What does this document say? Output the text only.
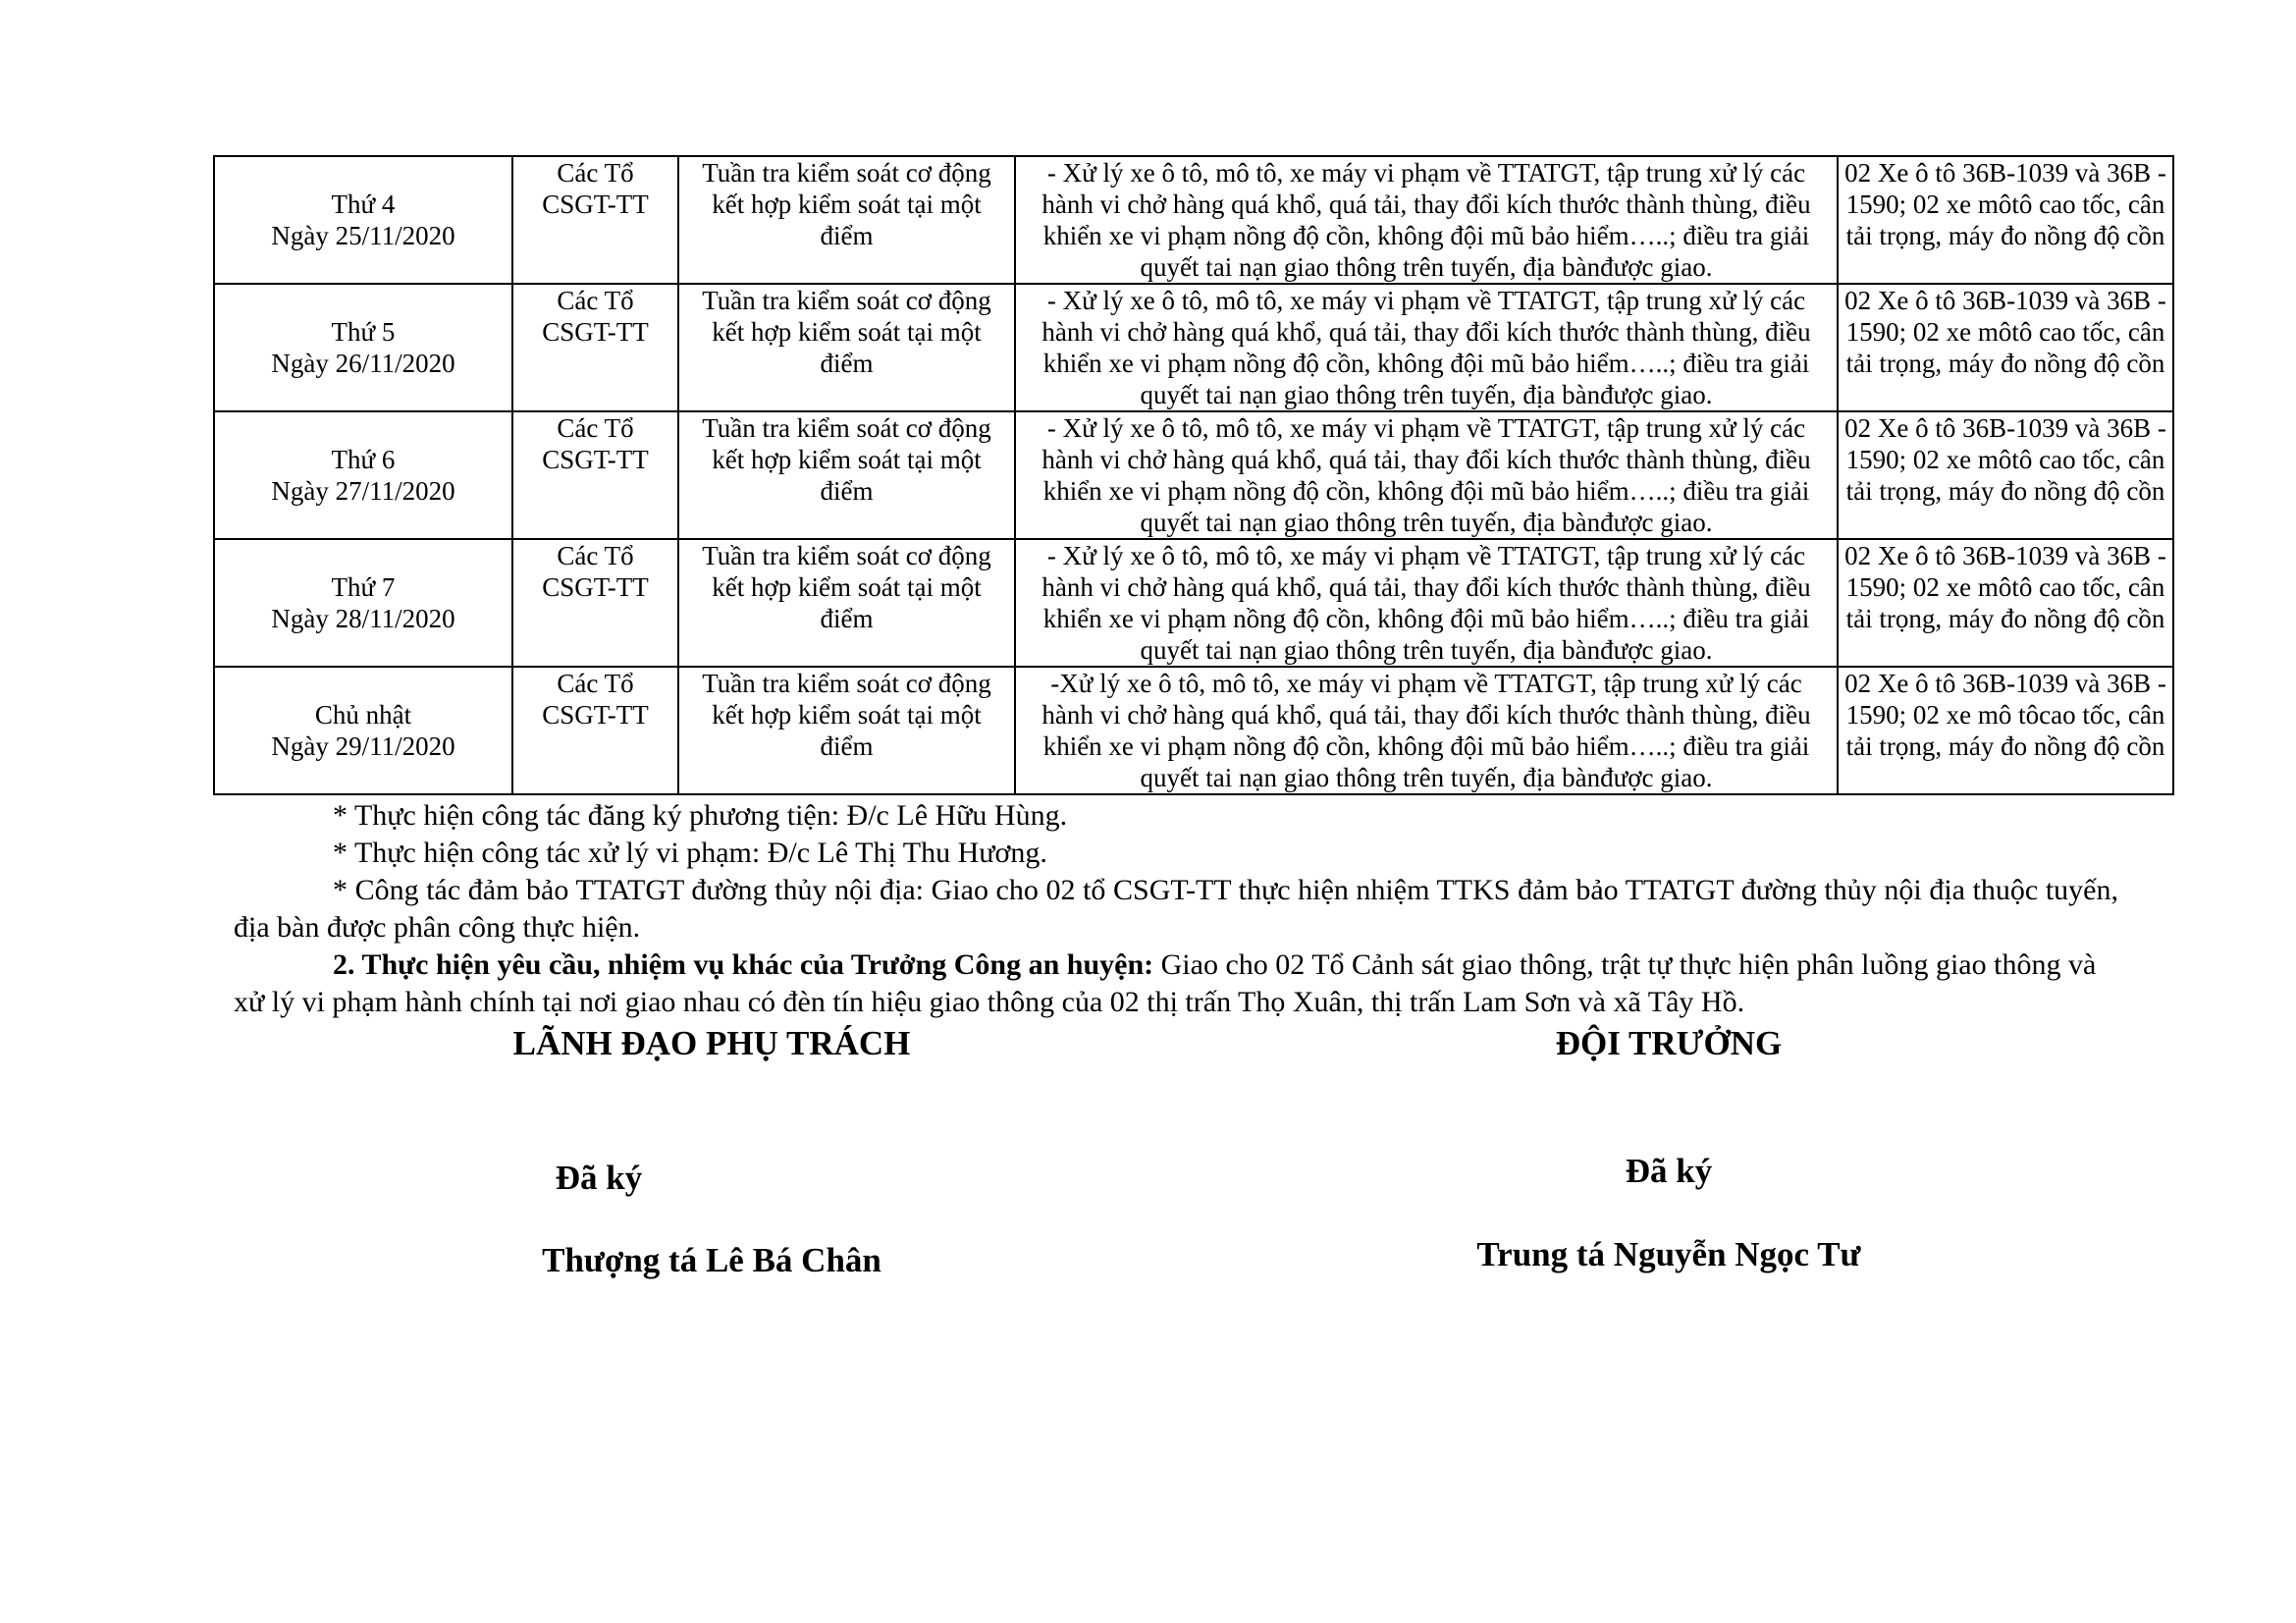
Thứ 4
Ngày 25/11/2020	Các Tổ CSGT-TT	Tuần tra kiểm soát cơ động kết hợp kiểm soát tại một điểm	- Xử lý xe ô tô, mô tô, xe máy vi phạm về TTATGT, tập trung xử lý các hành vi chở hàng quá khổ, quá tải, thay đổi kích thước thành thùng, điều khiển xe vi phạm nồng độ cồn, không đội mũ bảo hiểm…..; điều tra giải quyết tai nạn giao thông trên tuyến, địa bànđược giao.	02 Xe ô tô 36B-1039 và 36B - 1590; 02 xe môtô cao tốc, cân tải trọng, máy đo nồng độ cồn

Thứ 5
Ngày 26/11/2020	Các Tổ CSGT-TT	Tuần tra kiểm soát cơ động kết hợp kiểm soát tại một điểm	- Xử lý xe ô tô, mô tô, xe máy vi phạm về TTATGT, tập trung xử lý các hành vi chở hàng quá khổ, quá tải, thay đổi kích thước thành thùng, điều khiển xe vi phạm nồng độ cồn, không đội mũ bảo hiểm…..; điều tra giải quyết tai nạn giao thông trên tuyến, địa bànđược giao.	02 Xe ô tô 36B-1039 và 36B - 1590; 02 xe môtô cao tốc, cân tải trọng, máy đo nồng độ cồn

Thứ 6
Ngày 27/11/2020	Các Tổ CSGT-TT	Tuần tra kiểm soát cơ động kết hợp kiểm soát tại một điểm	- Xử lý xe ô tô, mô tô, xe máy vi phạm về TTATGT, tập trung xử lý các hành vi chở hàng quá khổ, quá tải, thay đổi kích thước thành thùng, điều khiển xe vi phạm nồng độ cồn, không đội mũ bảo hiểm…..; điều tra giải quyết tai nạn giao thông trên tuyến, địa bànđược giao.	02 Xe ô tô 36B-1039 và 36B - 1590; 02 xe môtô cao tốc, cân tải trọng, máy đo nồng độ cồn

Thứ 7
Ngày 28/11/2020	Các Tổ CSGT-TT	Tuần tra kiểm soát cơ động kết hợp kiểm soát tại một điểm	- Xử lý xe ô tô, mô tô, xe máy vi phạm về TTATGT, tập trung xử lý các hành vi chở hàng quá khổ, quá tải, thay đổi kích thước thành thùng, điều khiển xe vi phạm nồng độ cồn, không đội mũ bảo hiểm…..; điều tra giải quyết tai nạn giao thông trên tuyến, địa bànđược giao.	02 Xe ô tô 36B-1039 và 36B - 1590; 02 xe môtô cao tốc, cân tải trọng, máy đo nồng độ cồn

Chủ nhật
Ngày 29/11/2020	Các Tổ CSGT-TT	Tuần tra kiểm soát cơ động kết hợp kiểm soát tại một điểm	-Xử lý xe ô tô, mô tô, xe máy vi phạm về TTATGT, tập trung xử lý các hành vi chở hàng quá khổ, quá tải, thay đổi kích thước thành thùng, điều khiển xe vi phạm nồng độ cồn, không đội mũ bảo hiểm…..; điều tra giải quyết tai nạn giao thông trên tuyến, địa bànđược giao.	02 Xe ô tô 36B-1039 và 36B - 1590; 02 xe mô tôcao tốc, cân tải trọng, máy đo nồng độ cồn

* Thực hiện công tác đăng ký phương tiện: Đ/c Lê Hữu Hùng.

* Thực hiện công tác xử lý vi phạm: Đ/c Lê Thị Thu Hương.

* Công tác đảm bảo TTATGT đường thủy nội địa: Giao cho 02 tổ CSGT-TT thực hiện nhiệm TTKS đảm bảo TTATGT đường thủy nội địa thuộc tuyến, địa bàn được phân công thực hiện.

2. Thực hiện yêu cầu, nhiệm vụ khác của Trưởng Công an huyện: Giao cho 02 Tổ Cảnh sát giao thông, trật tự thực hiện phân luồng giao thông và xử lý vi phạm hành chính tại nơi giao nhau có đèn tín hiệu giao thông của 02 thị trấn Thọ Xuân, thị trấn Lam Sơn và xã Tây Hồ.

LÃNH ĐẠO PHỤ TRÁCH	ĐỘI TRƯỞNG
Đã ký	Đã ký
Thượng tá Lê Bá Chân	Trung tá Nguyễn Ngọc Tư
